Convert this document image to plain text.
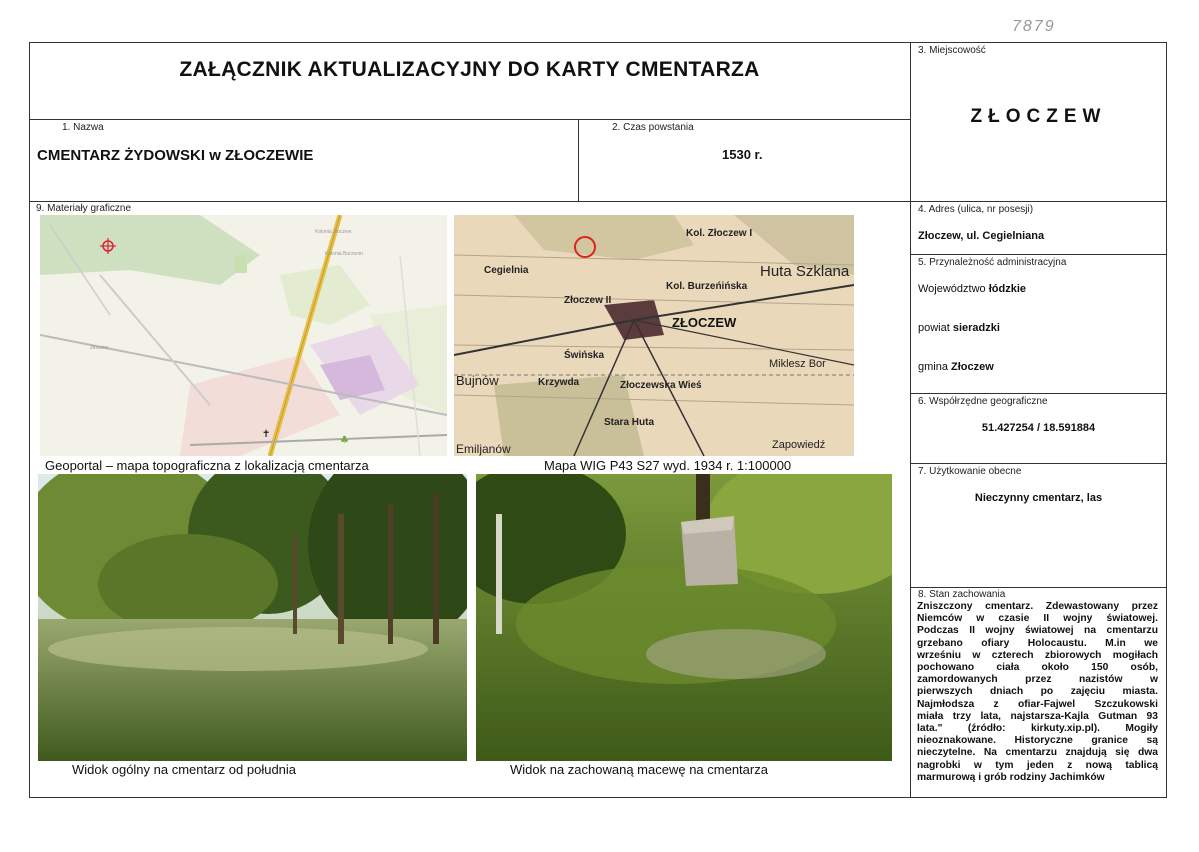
7879
ZAŁĄCZNIK AKTUALIZACYJNY DO KARTY CMENTARZA
1. Nazwa
CMENTARZ ŻYDOWSKI w ZŁOCZEWIE
2. Czas powstania
1530 r.
3. Miejscowość
ZŁOCZEW
4. Adres (ulica, nr posesji)
Złoczew, ul. Cegielniana
5. Przynależność administracyjna
Województwo łódzkie
powiat sieradzki
gmina Złoczew
6. Współrzędne geograficzne
51.427254 / 18.591884
7. Użytkowanie obecne
Nieczynny cmentarz, las
8. Stan zachowania
Zniszczony cmentarz. Zdewastowany przez
Niemców w czasie II wojny światowej.
Podczas II wojny światowej na cmentarzu
grzebano ofiary Holocaustu. M.in we
wrześniu w czterech zbiorowych mogiłach
pochowano ciała około 150 osób,
zamordowanych przez nazistów w
pierwszych dniach po zajęciu miasta.
Najmłodsza z ofiar-Fajwel Szczukowski
miała trzy lata, najstarsza-Kajla Gutman 93
lata." (źródło: kirkuty.xip.pl). Mogiły
nieoznakowane. Historyczne granice są
nieczytelne. Na cmentarzu znajdują się dwa
nagrobki w tym jeden z nową tablicą
marmurową i grób rodziny Jachimków
9. Materiały graficzne
✝
♣
Kolonia Złoczew
Kolonia Burzenin
Złoczew
Geoportal – mapa topograficzna z lokalizacją cmentarza
Kol. Złoczew I
Huta Szklana
Cegielnia
Kol. Burzeńińska
Złoczew II
ZŁOCZEW
Świńska
Miklesz Bor
Bujnów	Krzywda	Złoczewska Wieś
Stara Huta
Zapowiedź
Emiljanów
Mapa WIG P43 S27 wyd. 1934 r. 1:100000
Widok ogólny na cmentarz od południa	Widok na zachowaną macewę na cmentarza
